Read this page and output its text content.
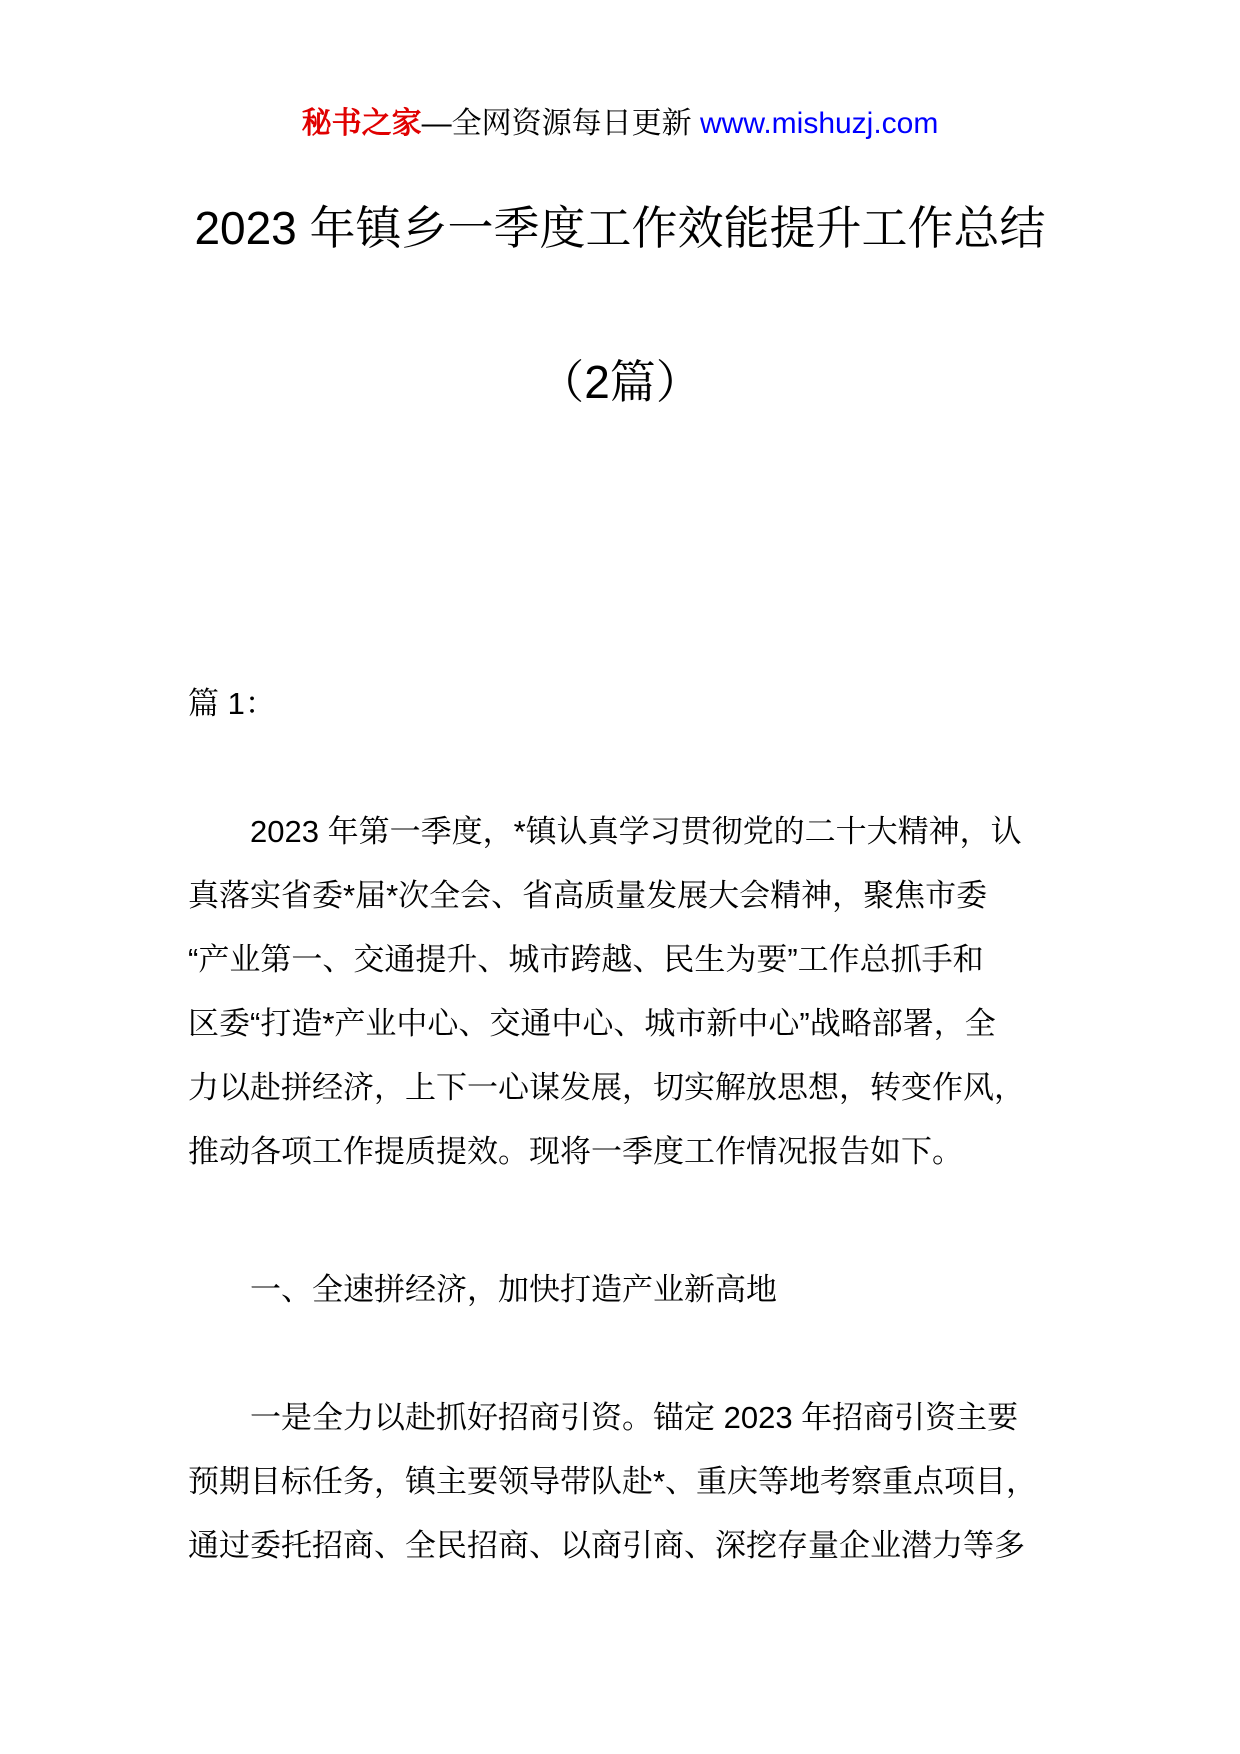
秘书之家—全网资源每日更新 www.mishuzj.com
2023 年镇乡一季度工作效能提升工作总结
（2篇）
篇 1：
2023 年第一季度，*镇认真学习贯彻党的二十大精神，认
真落实省委*届*次全会、省高质量发展大会精神，聚焦市委
“产业第一、交通提升、城市跨越、民生为要”工作总抓手和
区委“打造*产业中心、交通中心、城市新中心”战略部署，全
力以赴拼经济，上下一心谋发展，切实解放思想，转变作风，
推动各项工作提质提效。现将一季度工作情况报告如下。
一、全速拼经济，加快打造产业新高地
一是全力以赴抓好招商引资。锚定 2023 年招商引资主要
预期目标任务，镇主要领导带队赴*、重庆等地考察重点项目，
通过委托招商、全民招商、以商引商、深挖存量企业潜力等多
